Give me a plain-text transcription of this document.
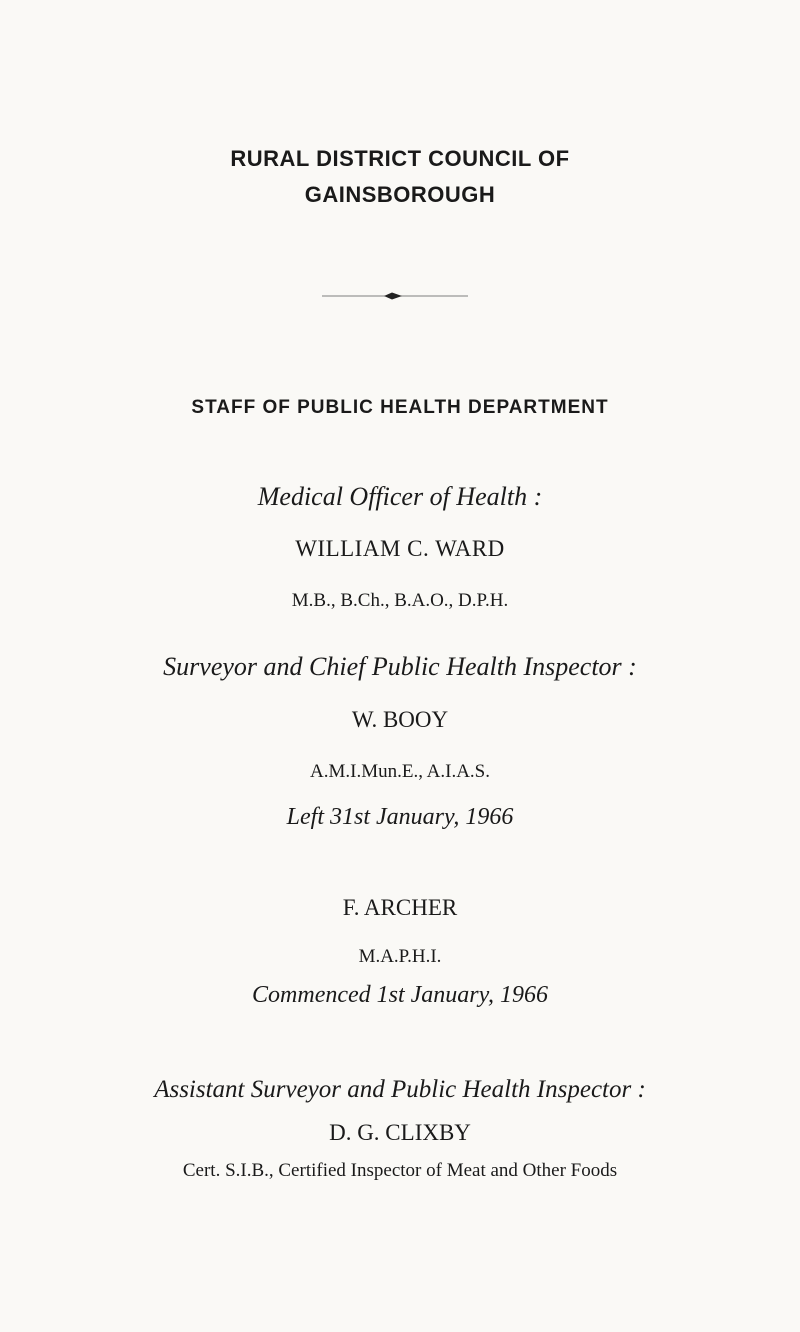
RURAL DISTRICT COUNCIL OF
GAINSBOROUGH
STAFF OF PUBLIC HEALTH DEPARTMENT
Medical Officer of Health :
WILLIAM C. WARD
M.B., B.Ch., B.A.O., D.P.H.
Surveyor and Chief Public Health Inspector :
W. BOOY
A.M.I.Mun.E., A.I.A.S.
Left 31st January, 1966
F. ARCHER
M.A.P.H.I.
Commenced 1st January, 1966
Assistant Surveyor and Public Health Inspector :
D. G. CLIXBY
Cert. S.I.B., Certified Inspector of Meat and Other Foods
